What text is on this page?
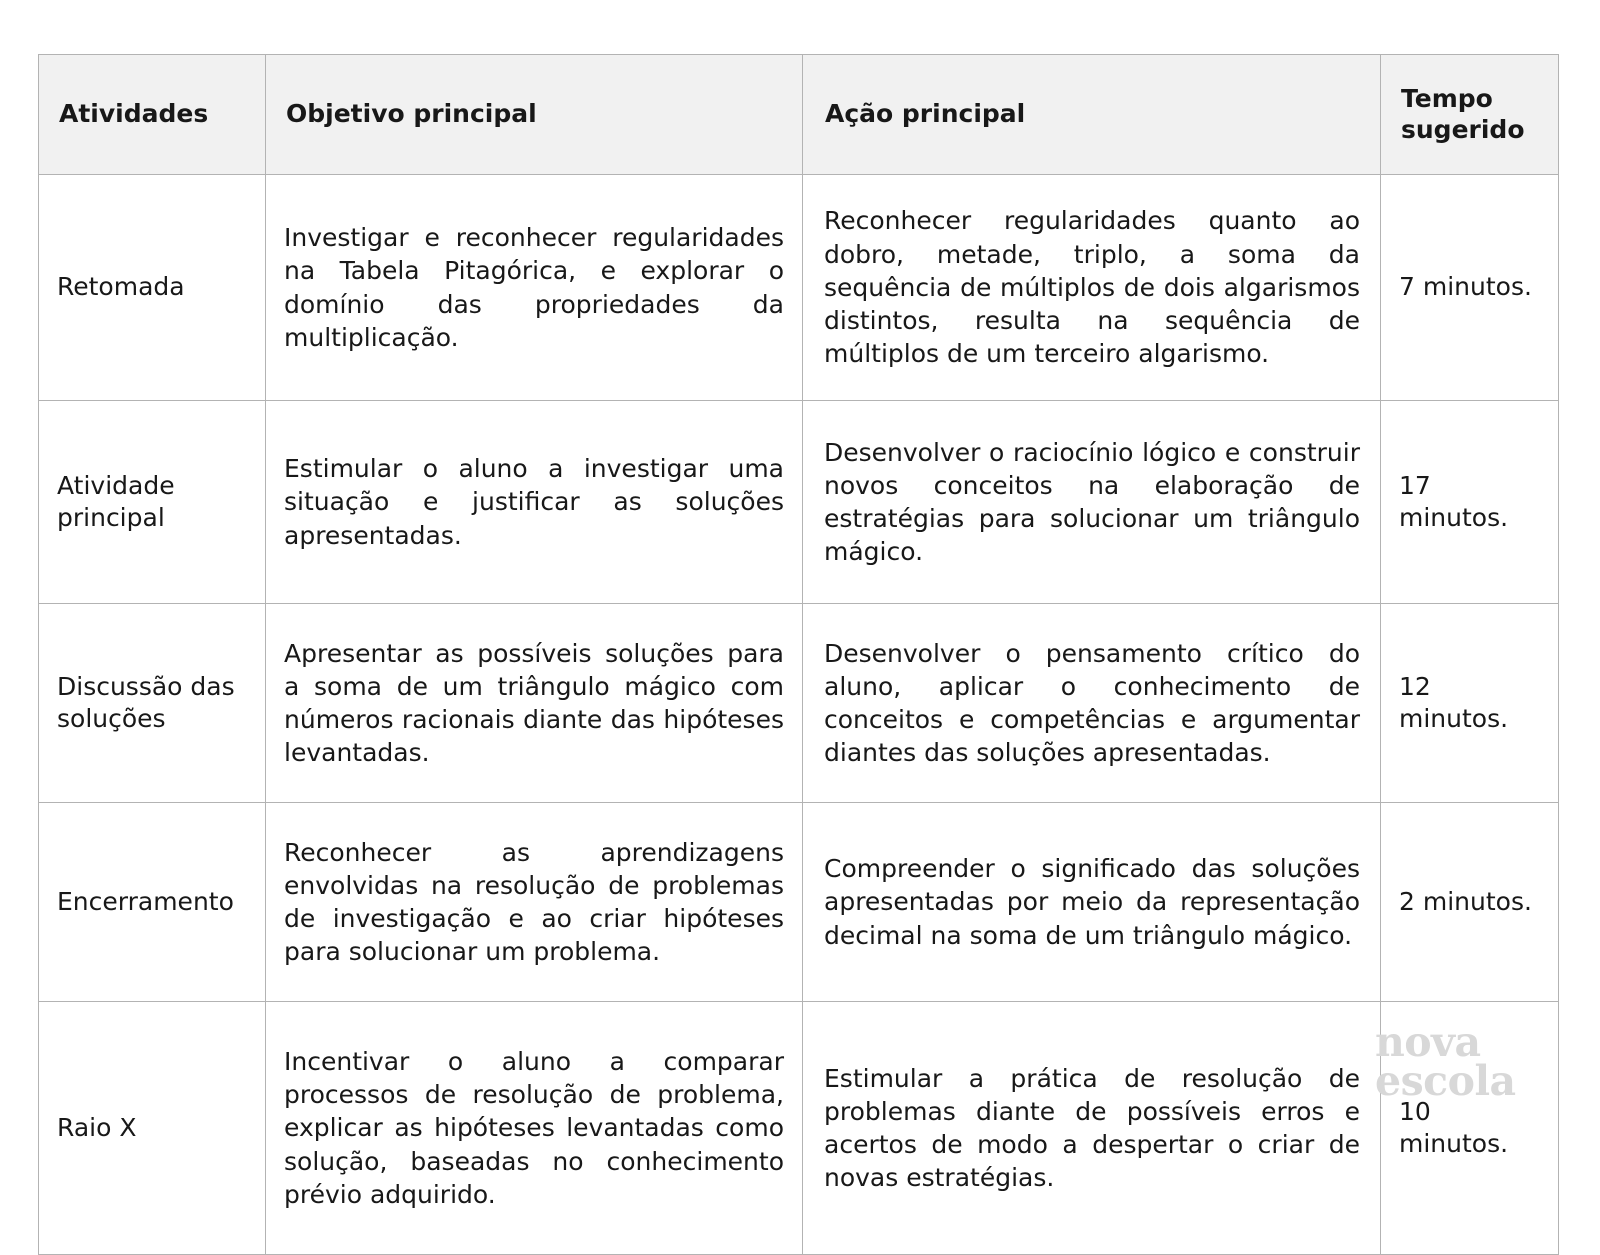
Atividades	Objetivo principal	Ação principal	Tempo sugerido
Retomada	Investigar e reconhecer regularidades na Tabela Pitagórica, e explorar o domínio das propriedades da multiplicação.	Reconhecer regularidades quanto ao dobro, metade, triplo, a soma da sequência de múltiplos de dois algarismos distintos, resulta na sequência de múltiplos de um terceiro algarismo.	7 minutos.
Atividade principal	Estimular o aluno a investigar uma situação e justificar as soluções apresentadas.	Desenvolver o raciocínio lógico e construir novos conceitos na elaboração de estratégias para solucionar um triângulo mágico.	17 minutos.
Discussão das soluções	Apresentar as possíveis soluções para a soma de um triângulo mágico com números racionais diante das hipóteses levantadas.	Desenvolver o pensamento crítico do aluno, aplicar o conhecimento de conceitos e competências e argumentar diantes das soluções apresentadas.	12 minutos.
Encerramento	Reconhecer as aprendizagens envolvidas na resolução de problemas de investigação e ao criar hipóteses para solucionar um problema.	Compreender o significado das soluções apresentadas por meio da representação decimal na soma de um triângulo mágico.	2 minutos.
Raio X	Incentivar o aluno a comparar processos de resolução de problema, explicar as hipóteses levantadas como solução, baseadas no conhecimento prévio adquirido.	Estimular a prática de resolução de problemas diante de possíveis erros e acertos de modo a despertar o criar de novas estratégias.	10 minutos.
nova
escola
